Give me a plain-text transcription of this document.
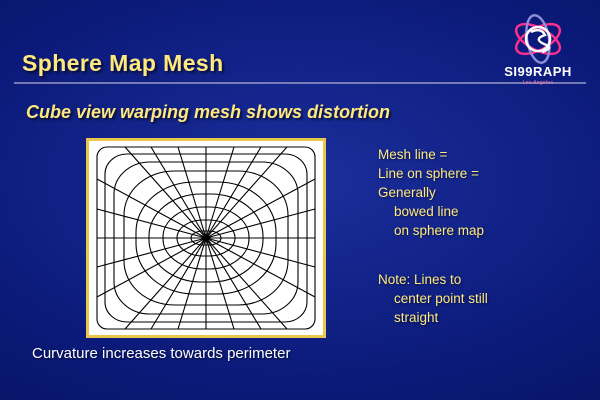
Sphere Map Mesh
Cube view warping mesh shows distortion
Mesh line =
Line on sphere =
Generally
bowed line
on sphere map
Note: Lines to
center point still
straight
Curvature increases towards perimeter
SI99RAPH
Los Angeles
